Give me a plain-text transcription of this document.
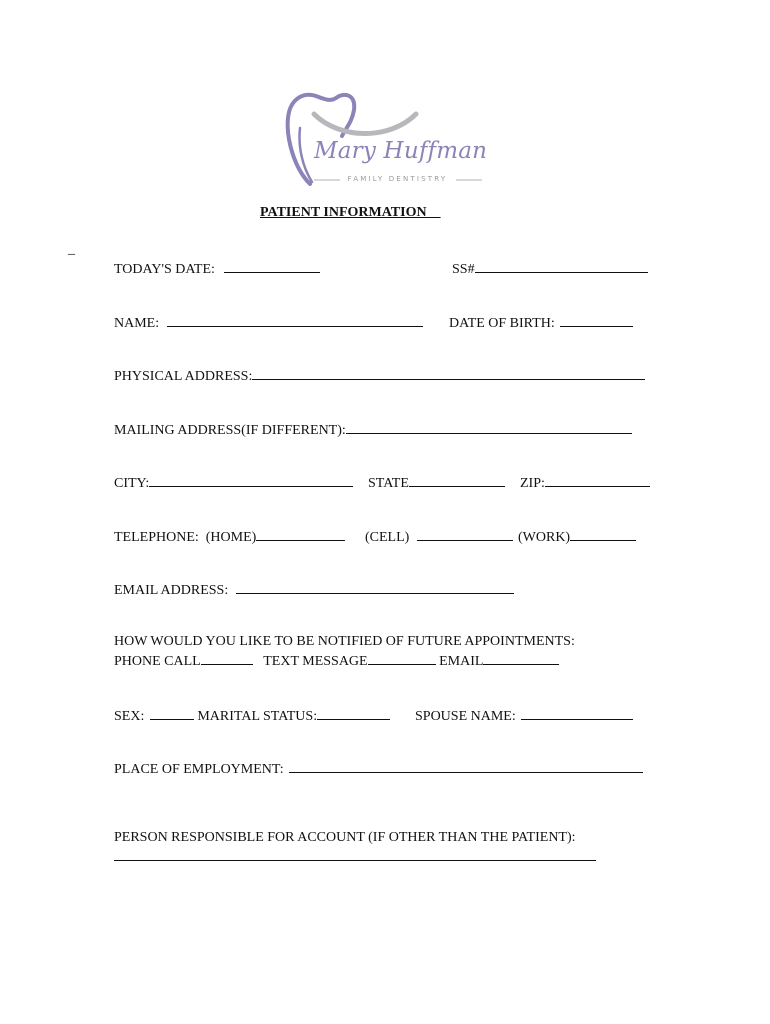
Mary Huffman
FAMILY DENTISTRY
PATIENT INFORMATION
_
TODAY'S DATE:	SS#
NAME:	DATE OF BIRTH:
PHYSICAL ADDRESS:
MAILING ADDRESS(IF DIFFERENT):
CITY:	STATE	ZIP:
TELEPHONE: (HOME)	(CELL)	(WORK)
EMAIL ADDRESS:
HOW WOULD YOU LIKE TO BE NOTIFIED OF FUTURE APPOINTMENTS:
PHONE CALL	TEXT MESSAGE	EMAIL
SEX:	MARITAL STATUS:	SPOUSE NAME:
PLACE OF EMPLOYMENT:
PERSON RESPONSIBLE FOR ACCOUNT (IF OTHER THAN THE PATIENT):
